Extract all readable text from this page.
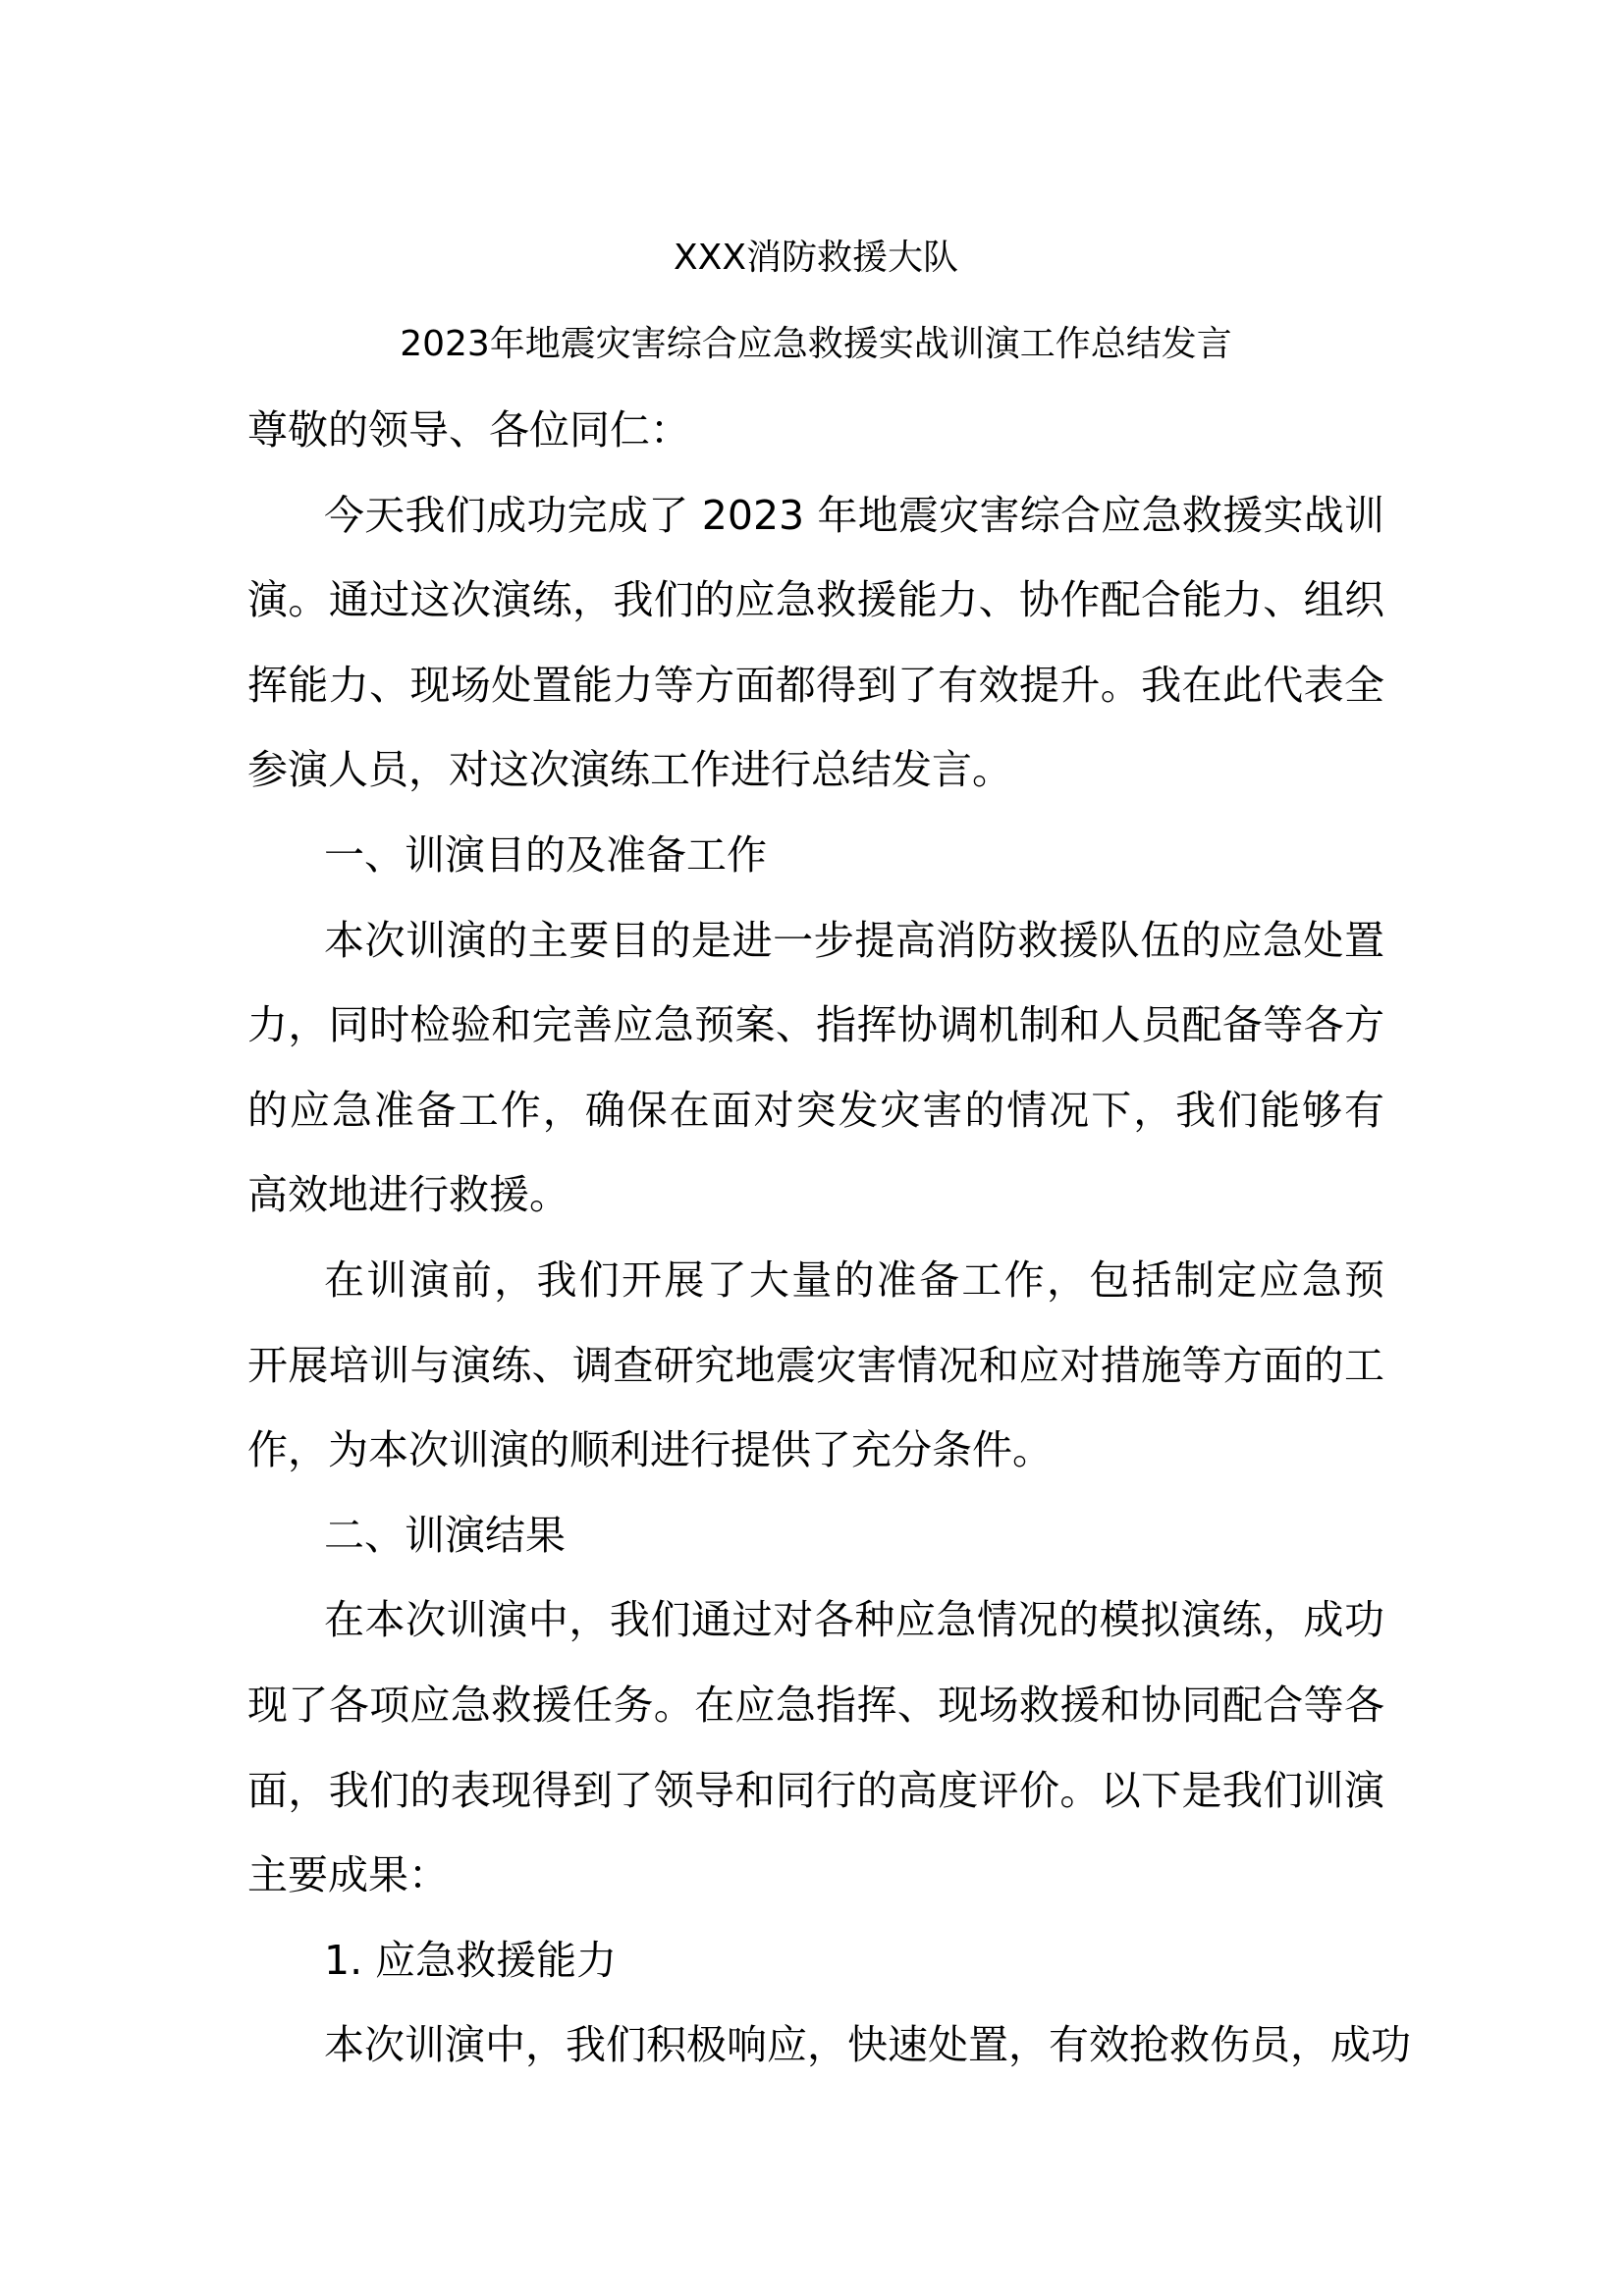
XXX消防救援大队
2023年地震灾害综合应急救援实战训演工作总结发言
尊敬的领导、各位同仁：
今天我们成功完成了 2023 年地震灾害综合应急救援实战训
演。通过这次演练，我们的应急救援能力、协作配合能力、组织
挥能力、现场处置能力等方面都得到了有效提升。我在此代表全
参演人员，对这次演练工作进行总结发言。
一、训演目的及准备工作
本次训演的主要目的是进一步提高消防救援队伍的应急处置
力，同时检验和完善应急预案、指挥协调机制和人员配备等各方
的应急准备工作，确保在面对突发灾害的情况下，我们能够有
高效地进行救援。
在训演前，我们开展了大量的准备工作，包括制定应急预
开展培训与演练、调查研究地震灾害情况和应对措施等方面的工
作，为本次训演的顺利进行提供了充分条件。
二、训演结果
在本次训演中，我们通过对各种应急情况的模拟演练，成功
现了各项应急救援任务。在应急指挥、现场救援和协同配合等各
面，我们的表现得到了领导和同行的高度评价。以下是我们训演
主要成果：
1. 应急救援能力
本次训演中，我们积极响应，快速处置，有效抢救伤员，成功
